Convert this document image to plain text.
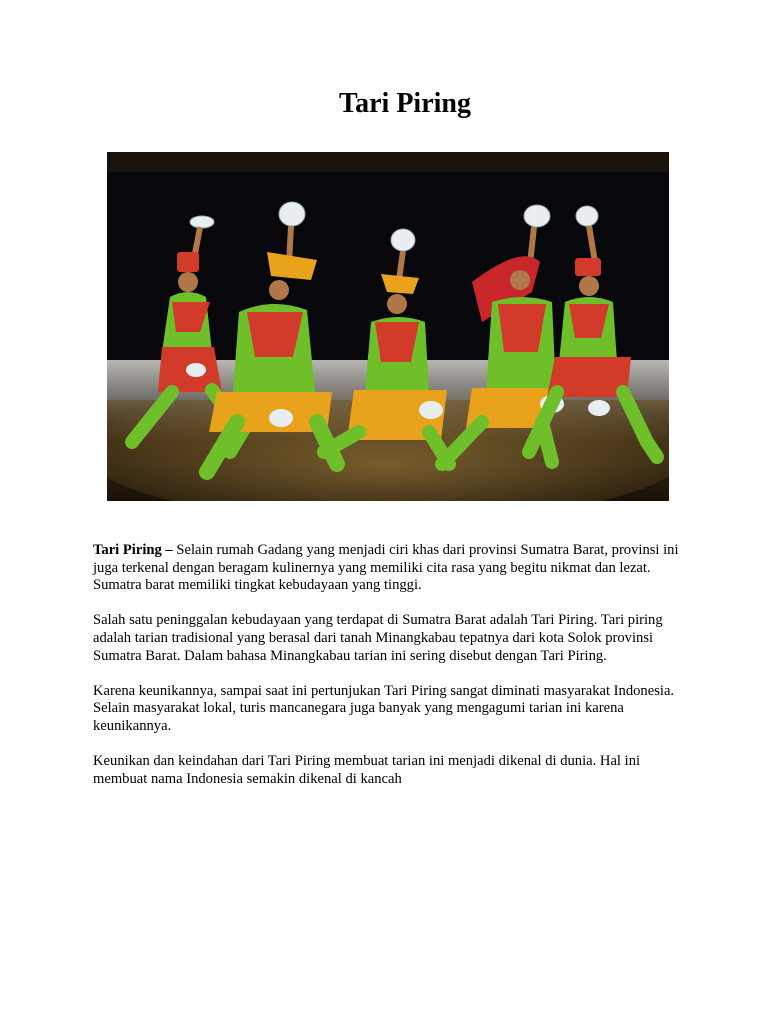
Tari Piring

Tari Piring – Selain rumah Gadang yang menjadi ciri khas dari provinsi Sumatra Barat, provinsi ini juga terkenal dengan beragam kulinernya yang memiliki cita rasa yang begitu nikmat dan lezat. Sumatra barat memiliki tingkat kebudayaan yang tinggi.

Salah satu peninggalan kebudayaan yang terdapat di Sumatra Barat adalah Tari Piring. Tari piring adalah tarian tradisional yang berasal dari tanah Minangkabau tepatnya dari kota Solok provinsi Sumatra Barat. Dalam bahasa Minangkabau tarian ini sering disebut dengan Tari Piring.

Karena keunikannya, sampai saat ini pertunjukan Tari Piring sangat diminati masyarakat Indonesia. Selain masyarakat lokal, turis mancanegara juga banyak yang mengagumi tarian ini karena keunikannya.

Keunikan dan keindahan dari Tari Piring membuat tarian ini menjadi dikenal di dunia. Hal ini membuat nama Indonesia semakin dikenal di kancah
